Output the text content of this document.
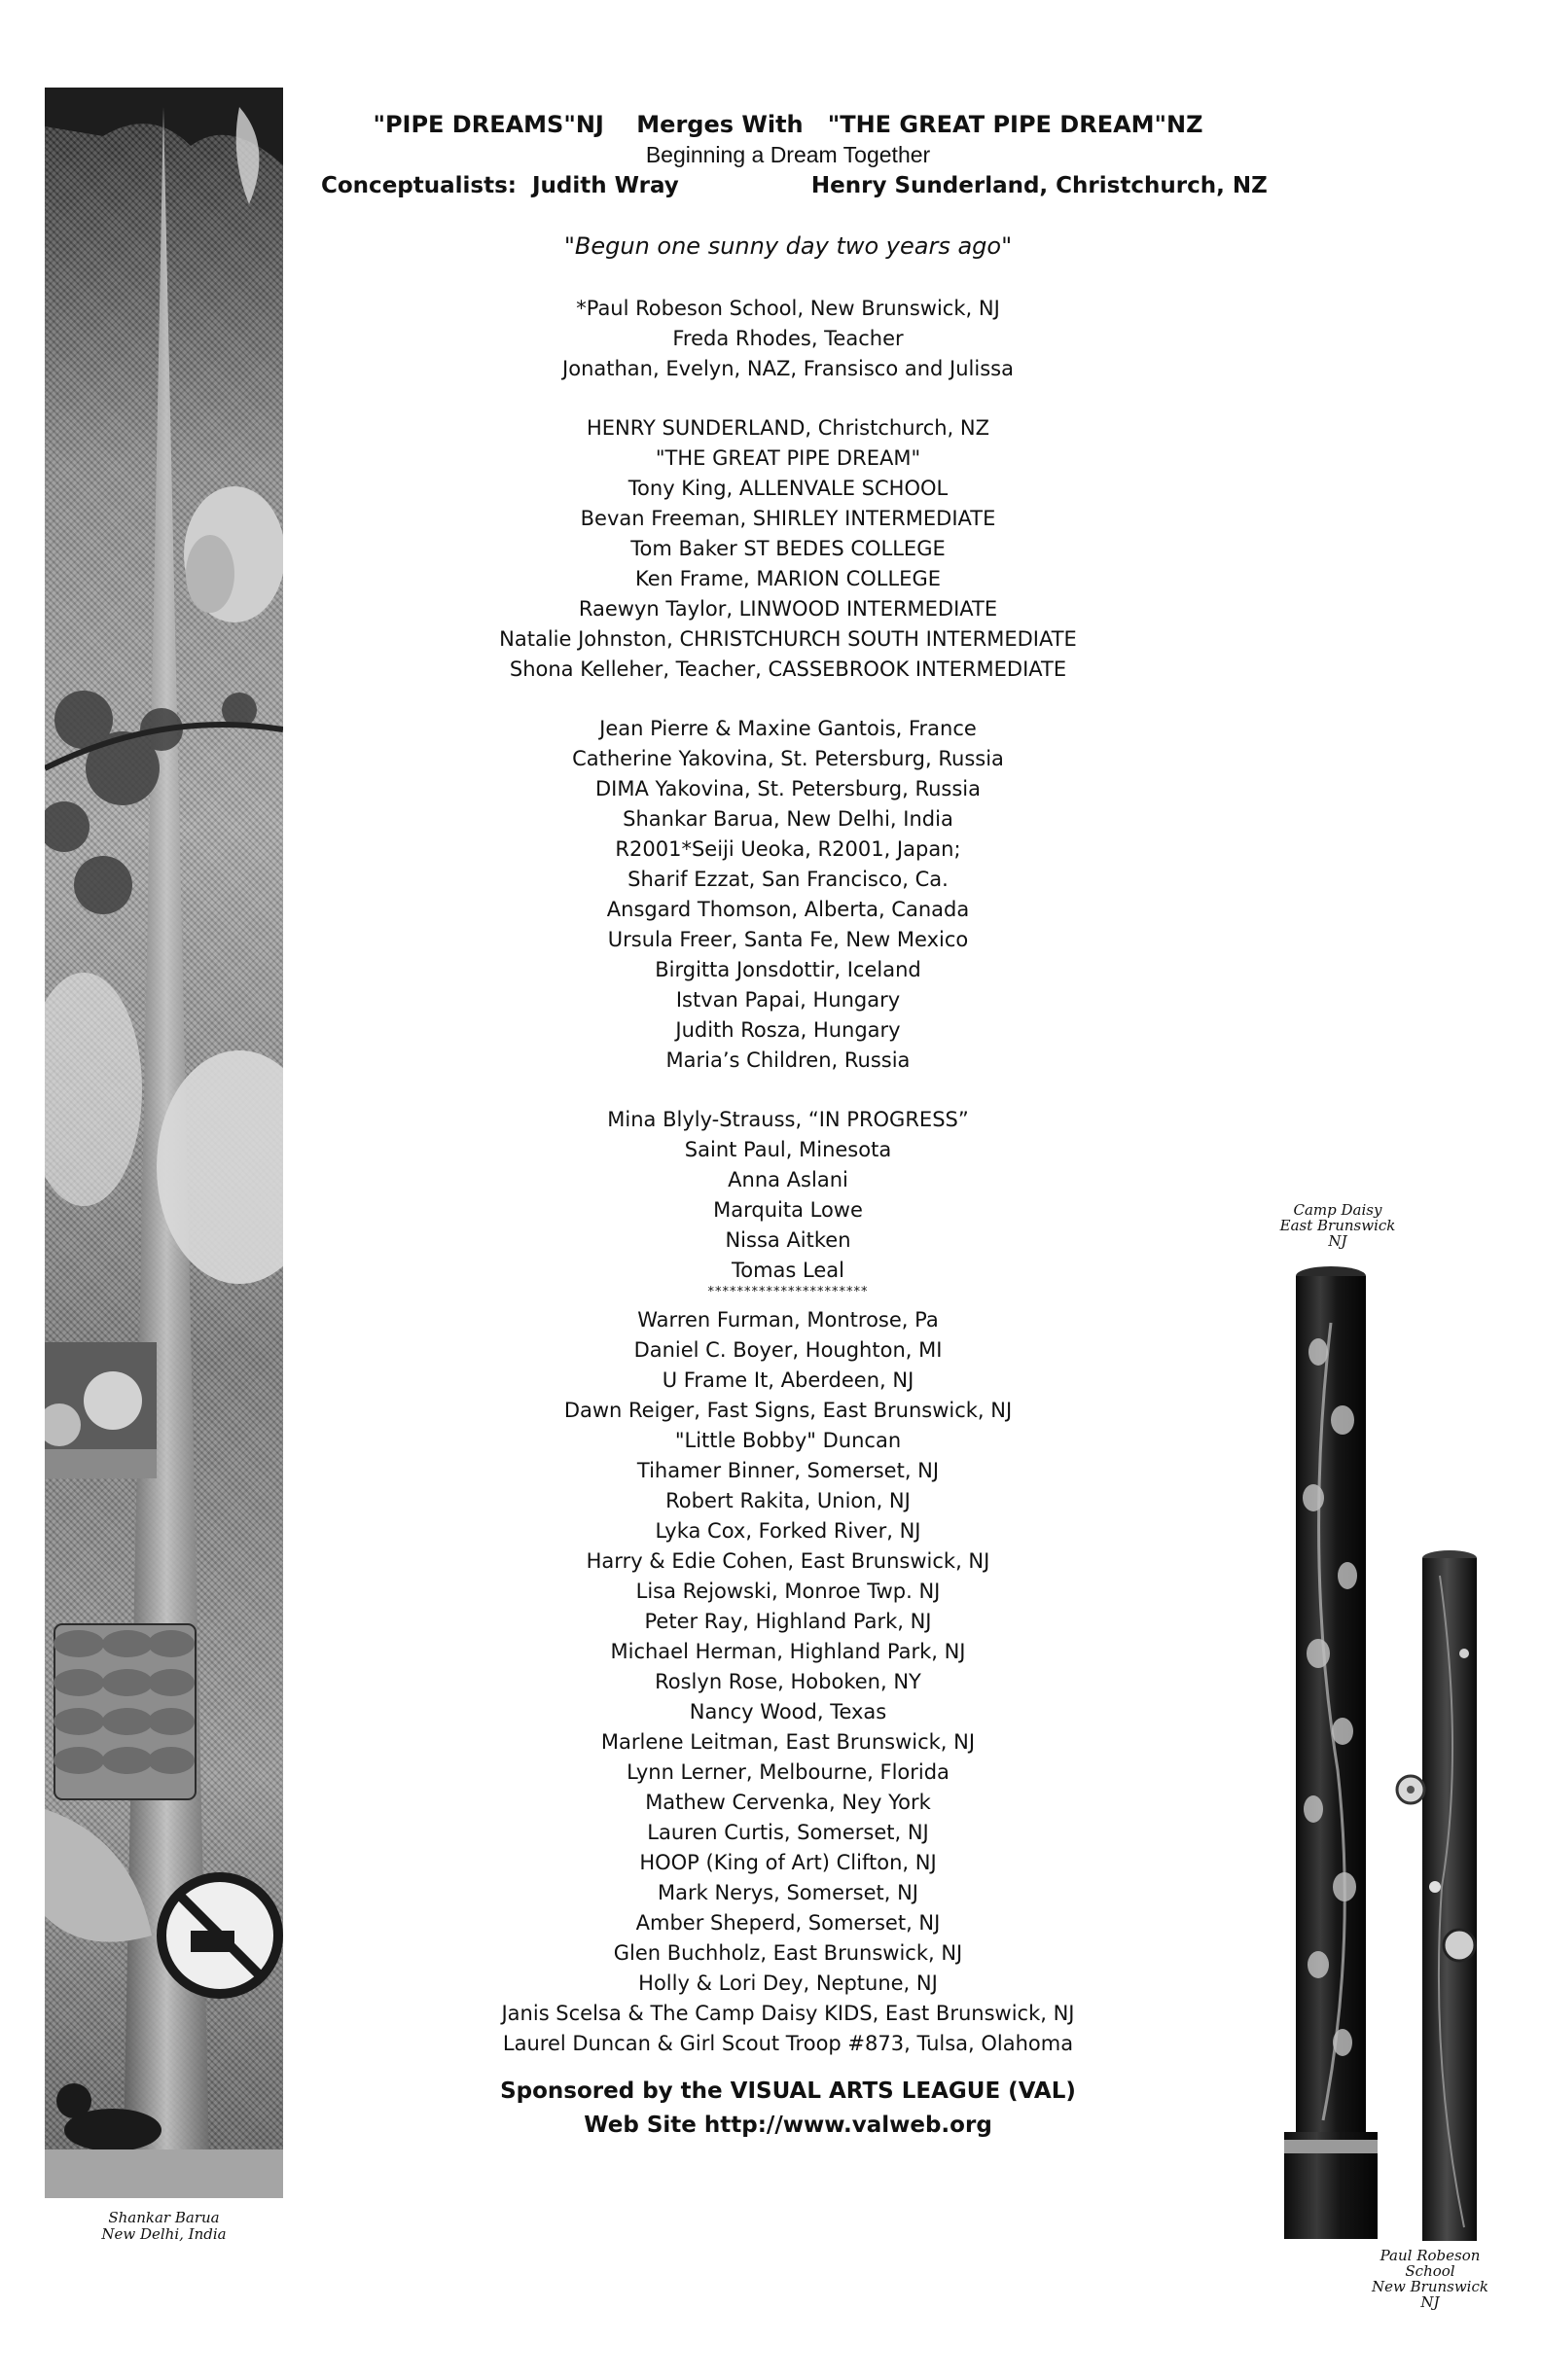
Shankar Barua
New Delhi, India
"PIPE DREAMS"NJ Merges With "THE GREAT PIPE DREAM"NZ
Beginning a Dream Together
Conceptualists: Judith Wray	Henry Sunderland, Christchurch, NZ
"Begun one sunny day two years ago"
*Paul Robeson School, New Brunswick, NJ
Freda Rhodes, Teacher
Jonathan, Evelyn, NAZ, Fransisco and Julissa
HENRY SUNDERLAND, Christchurch, NZ
"THE GREAT PIPE DREAM"
Tony King, ALLENVALE SCHOOL
Bevan Freeman, SHIRLEY INTERMEDIATE
Tom Baker ST BEDES COLLEGE
Ken Frame, MARION COLLEGE
Raewyn Taylor, LINWOOD INTERMEDIATE
Natalie Johnston, CHRISTCHURCH SOUTH INTERMEDIATE
Shona Kelleher, Teacher, CASSEBROOK INTERMEDIATE
Jean Pierre & Maxine Gantois, France
Catherine Yakovina, St. Petersburg, Russia
DIMA Yakovina, St. Petersburg, Russia
Shankar Barua, New Delhi, India
R2001*Seiji Ueoka, R2001, Japan;
Sharif Ezzat, San Francisco, Ca.
Ansgard Thomson, Alberta, Canada
Ursula Freer, Santa Fe, New Mexico
Birgitta Jonsdottir, Iceland
Istvan Papai, Hungary
Judith Rosza, Hungary
Maria’s Children, Russia
Mina Blyly-Strauss, “IN PROGRESS”
Saint Paul, Minesota
Anna Aslani
Marquita Lowe
Nissa Aitken
Tomas Leal
**********************
Warren Furman, Montrose, Pa
Daniel C. Boyer, Houghton, MI
U Frame It, Aberdeen, NJ
Dawn Reiger, Fast Signs, East Brunswick, NJ
"Little Bobby" Duncan
Tihamer Binner, Somerset, NJ
Robert Rakita, Union, NJ
Lyka Cox, Forked River, NJ
Harry & Edie Cohen, East Brunswick, NJ
Lisa Rejowski, Monroe Twp. NJ
Peter Ray, Highland Park, NJ
Michael Herman, Highland Park, NJ
Roslyn Rose, Hoboken, NY
Nancy Wood, Texas
Marlene Leitman, East Brunswick, NJ
Lynn Lerner, Melbourne, Florida
Mathew Cervenka, Ney York
Lauren Curtis, Somerset, NJ
HOOP (King of Art) Clifton, NJ
Mark Nerys, Somerset, NJ
Amber Sheperd, Somerset, NJ
Glen Buchholz, East Brunswick, NJ
Holly & Lori Dey, Neptune, NJ
Janis Scelsa & The Camp Daisy KIDS, East Brunswick, NJ
Laurel Duncan & Girl Scout Troop #873, Tulsa, Olahoma
Sponsored by the VISUAL ARTS LEAGUE (VAL)
Web Site http://www.valweb.org
Camp Daisy
East Brunswick
NJ
Paul Robeson
School
New Brunswick
NJ
